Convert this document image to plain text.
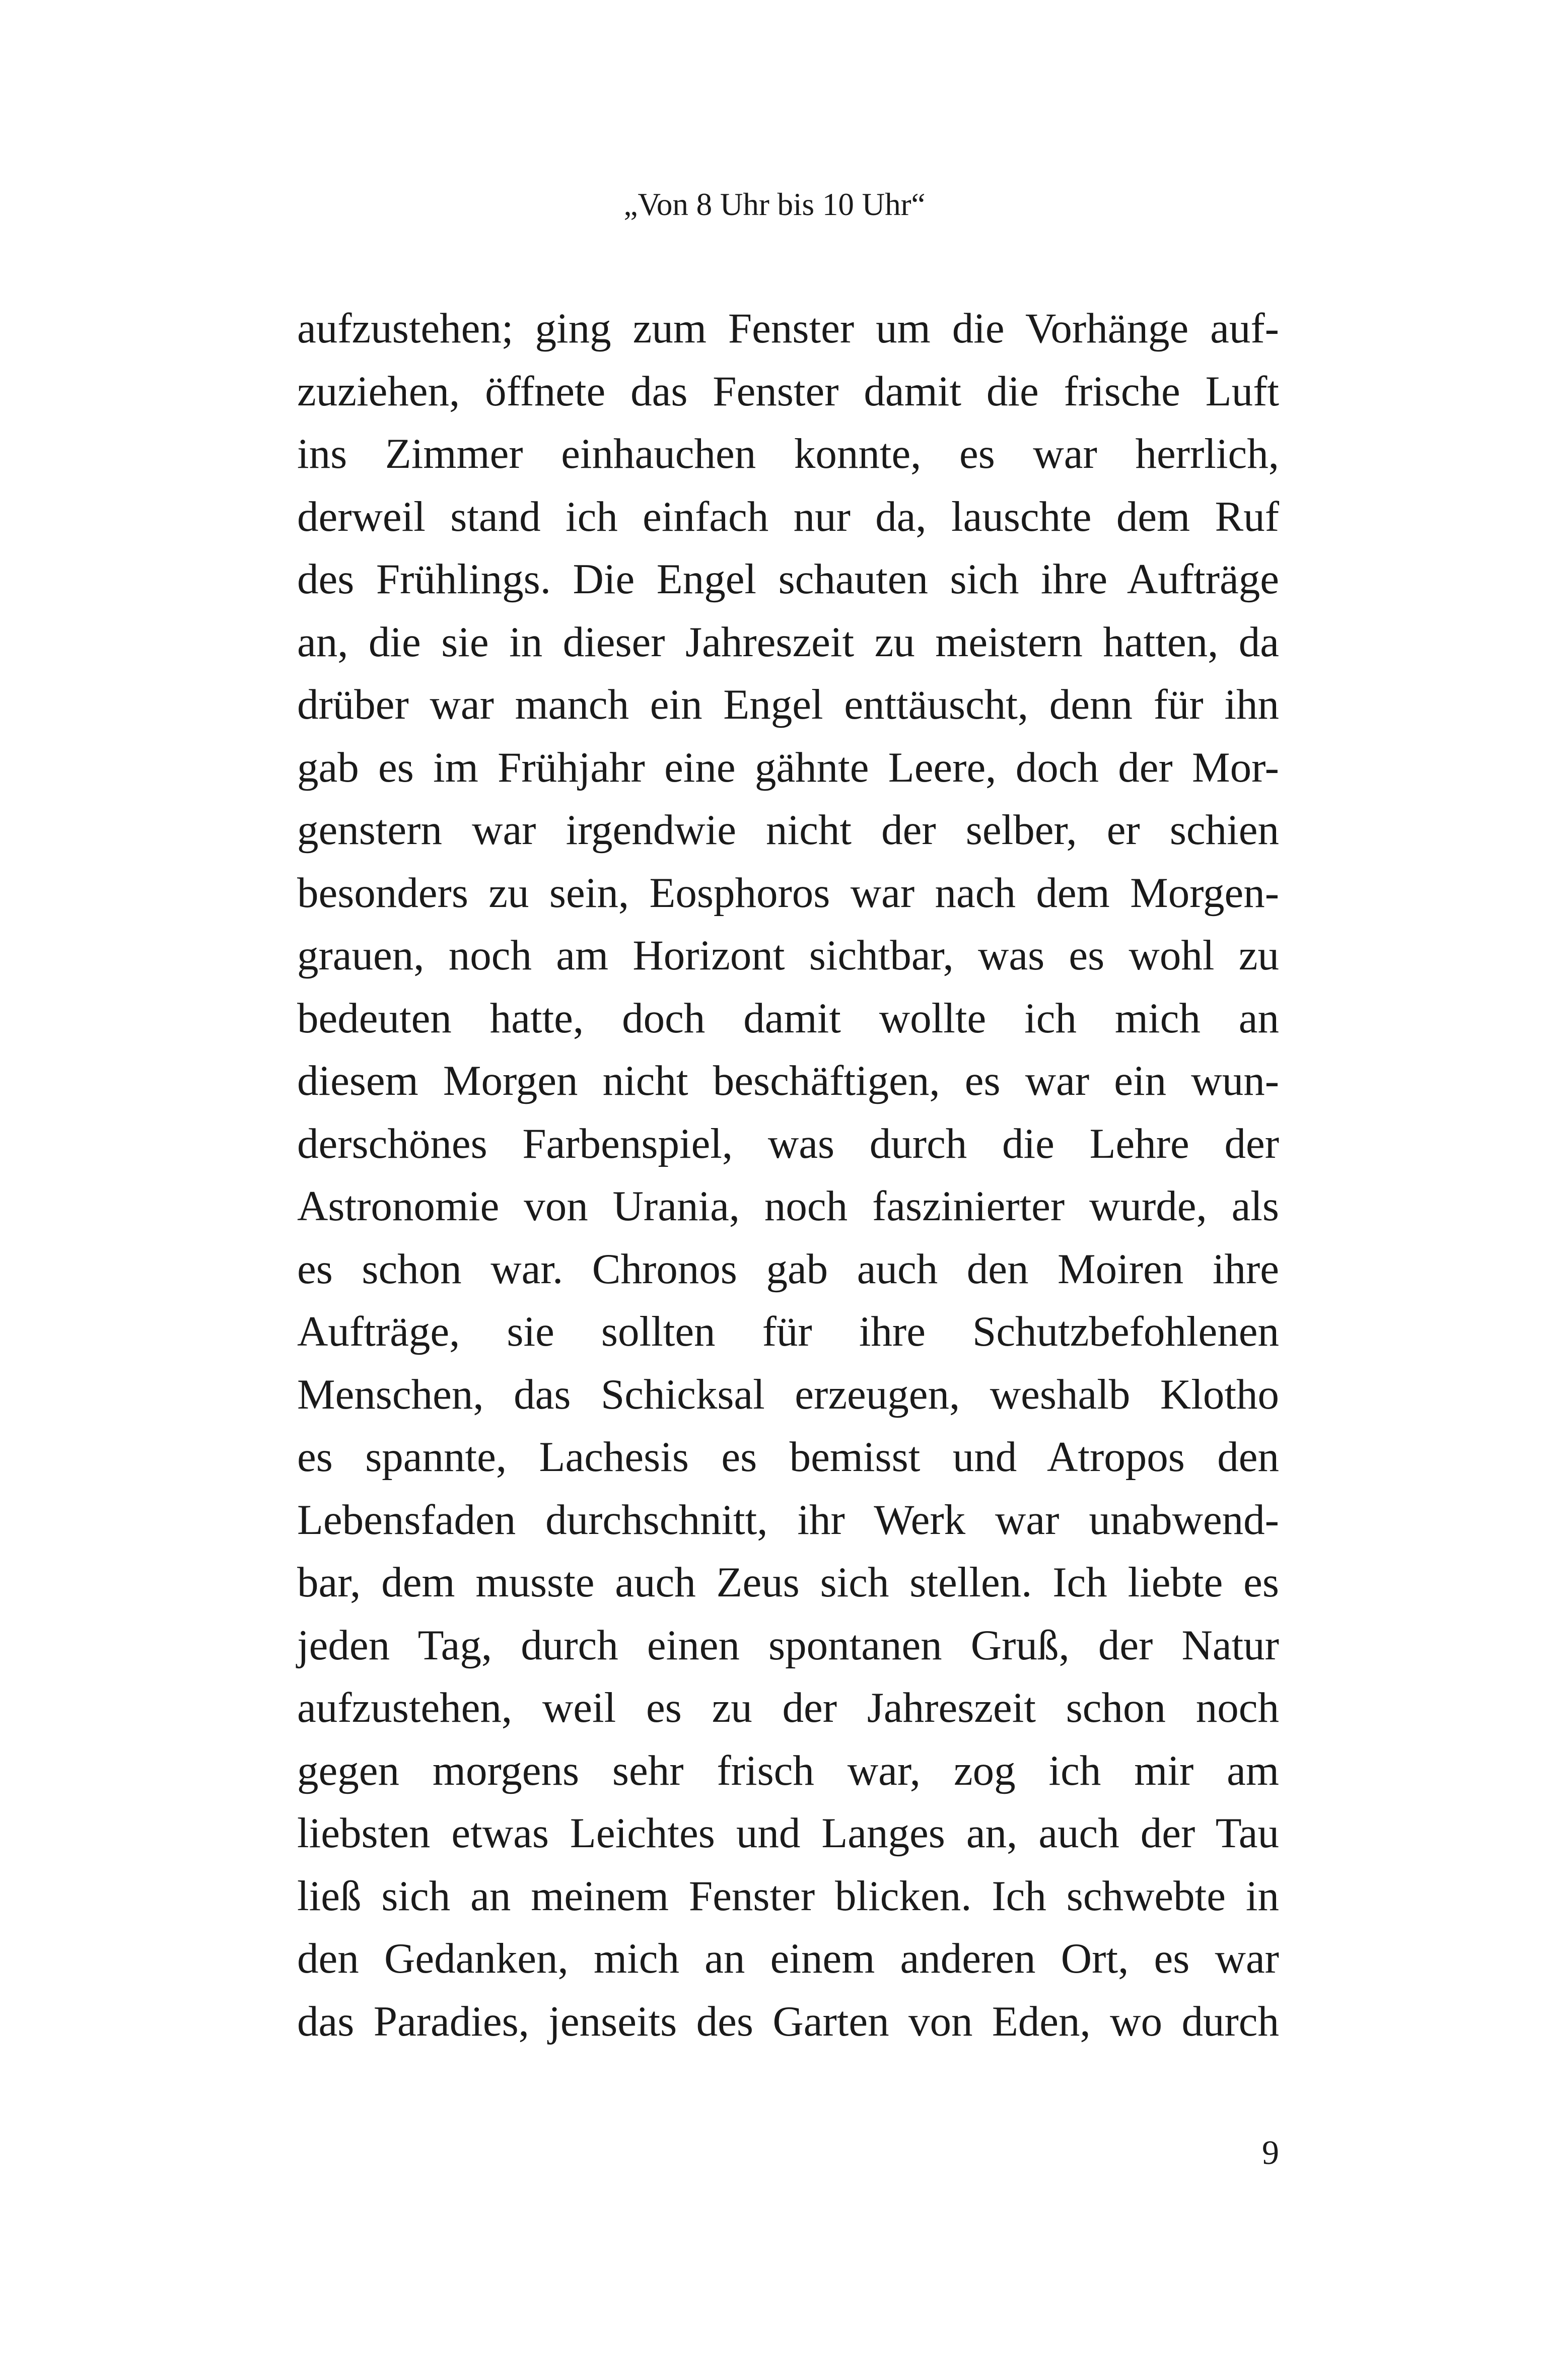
„Von 8 Uhr bis 10 Uhr“
aufzustehen; ging zum Fenster um die Vorhänge auf-
zuziehen, öffnete das Fenster damit die frische Luft
ins Zimmer einhauchen konnte, es war herrlich,
derweil stand ich einfach nur da, lauschte dem Ruf
des Frühlings. Die Engel schauten sich ihre Aufträge
an, die sie in dieser Jahreszeit zu meistern hatten, da
drüber war manch ein Engel enttäuscht, denn für ihn
gab es im Frühjahr eine gähnte Leere, doch der Mor-
genstern war irgendwie nicht der selber, er schien
besonders zu sein, Eosphoros war nach dem Morgen-
grauen, noch am Horizont sichtbar, was es wohl zu
bedeuten hatte, doch damit wollte ich mich an
diesem Morgen nicht beschäftigen, es war ein wun-
derschönes Farbenspiel, was durch die Lehre der
Astronomie von Urania, noch faszinierter wurde, als
es schon war. Chronos gab auch den Moiren ihre
Aufträge, sie sollten für ihre Schutzbefohlenen
Menschen, das Schicksal erzeugen, weshalb Klotho
es spannte, Lachesis es bemisst und Atropos den
Lebensfaden durchschnitt, ihr Werk war unabwend-
bar, dem musste auch Zeus sich stellen. Ich liebte es
jeden Tag, durch einen spontanen Gruß, der Natur
aufzustehen, weil es zu der Jahreszeit schon noch
gegen morgens sehr frisch war, zog ich mir am
liebsten etwas Leichtes und Langes an, auch der Tau
ließ sich an meinem Fenster blicken. Ich schwebte in
den Gedanken, mich an einem anderen Ort, es war
das Paradies, jenseits des Garten von Eden, wo durch
9
